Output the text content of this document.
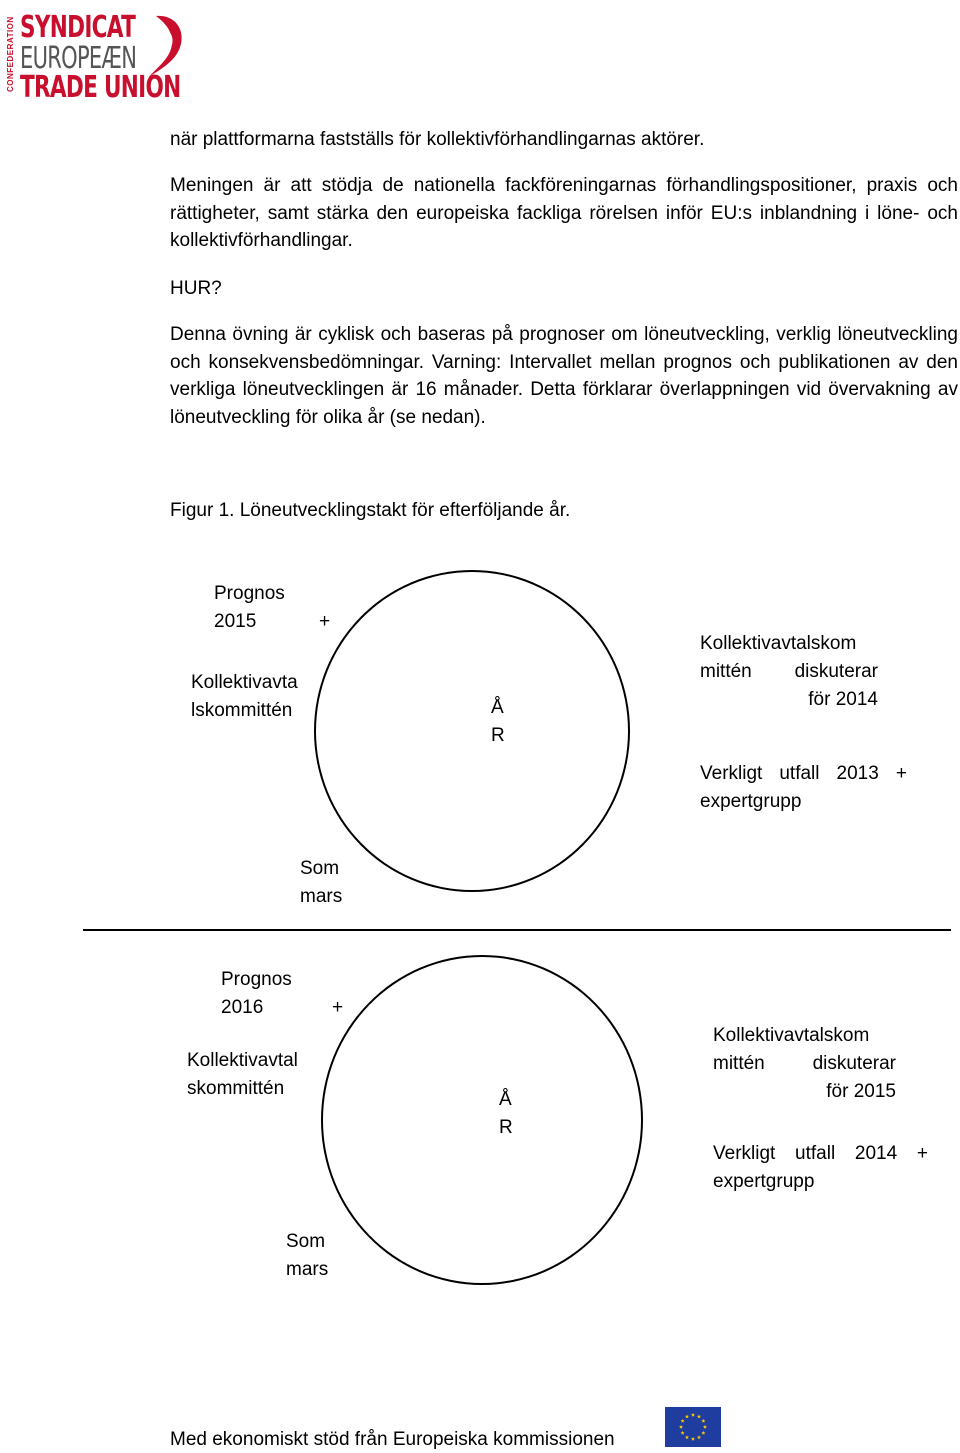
CONFEDERATION SYNDICAT
EUROPEÆN
TRADE UNION

när plattformarna fastställs för kollektivförhandlingarnas aktörer.

Meningen är att stödja de nationella fackföreningarnas förhandlingspositioner, praxis och rättigheter, samt stärka den europeiska fackliga rörelsen inför EU:s inblandning i löne- och kollektivförhandlingar.

HUR?

Denna övning är cyklisk och baseras på prognoser om löneutveckling, verklig löneutveckling och konsekvensbedömningar. Varning: Intervallet mellan prognos och publikationen av den verkliga löneutvecklingen är 16 månader. Detta förklarar överlappningen vid övervakning av löneutveckling för olika år (se nedan).

Figur 1. Löneutvecklingstakt för efterföljande år.

Prognos
2015	+
Kollektivavta
lskommittén	Å
R
Kollektivavtalskom
mittén diskuterar
för 2014
Verkligt utfall 2013 +
expertgrupp
Som
mars
Prognos
2016	+
Kollektivavtal
skommittén
Å
R
Kollektivavtalskom
mittén	diskuterar
för 2015
Verkligt utfall 2014 +
expertgrupp
Som
mars
Med ekonomiskt stöd från Europeiska kommissionen
